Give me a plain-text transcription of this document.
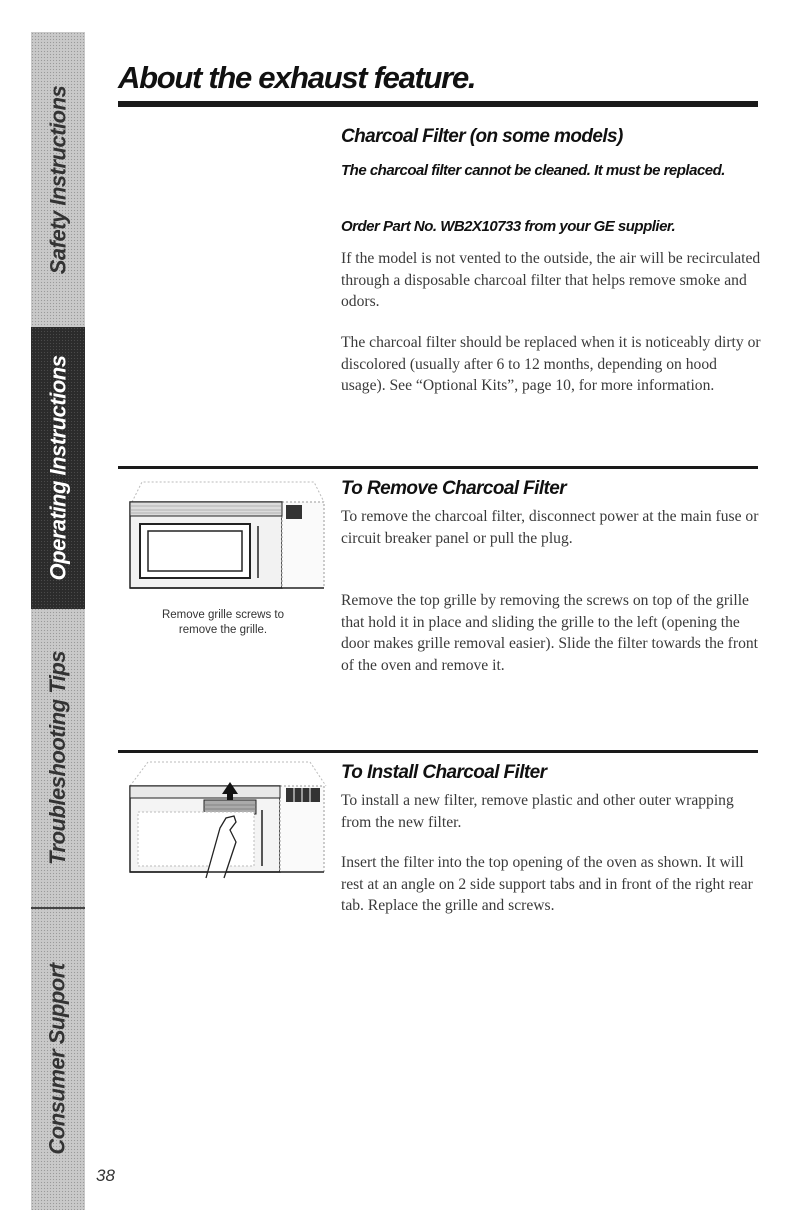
Safety Instructions
Operating Instructions
Troubleshooting Tips
Consumer Support
About the exhaust feature.
Charcoal Filter (on some models)

The charcoal filter cannot be cleaned. It must be replaced.

Order Part No. WB2X10733 from your GE supplier.

If the model is not vented to the outside, the air will be recirculated through a disposable charcoal filter that helps remove smoke and odors.

The charcoal filter should be replaced when it is noticeably dirty or discolored (usually after 6 to 12 months, depending on hood usage). See “Optional Kits”, page 10, for more information.

Remove grille screws to remove the grille.

To Remove Charcoal Filter

To remove the charcoal filter, disconnect power at the main fuse or circuit breaker panel or pull the plug.

Remove the top grille by removing the screws on top of the grille that hold it in place and sliding the grille to the left (opening the door makes grille removal easier). Slide the filter towards the front of the oven and remove it.

To Install Charcoal Filter

To install a new filter, remove plastic and other outer wrapping from the new filter.

Insert the filter into the top opening of the oven as shown. It will rest at an angle on 2 side support tabs and in front of the right rear tab. Replace the grille and screws.

38
